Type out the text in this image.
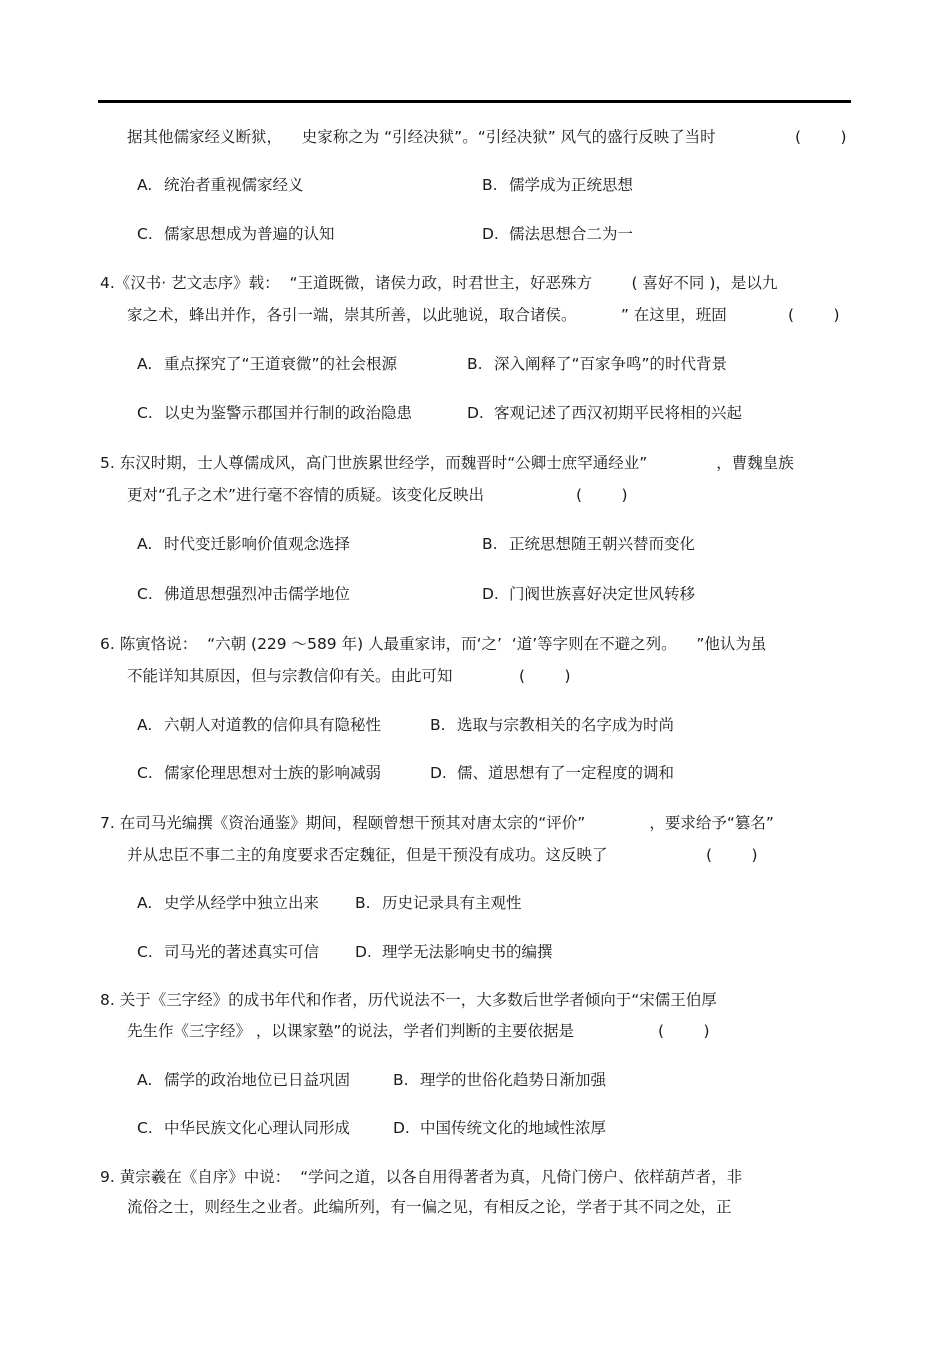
据其他儒家经义断狱，    史家称之为 “引经决狱”。“引经决狱” 风气的盛行反映了当时	(        )
A. 统治者重视儒家经义	B. 儒学成为正统思想
C. 儒家思想成为普遍的认知	D. 儒法思想合二为一
4.《汉书· 艺文志序》载：  “王道既微，诸侯力政，时君世主，好恶殊方        ( 喜好不同 )，是以九
家之术，蜂出并作，各引一端，崇其所善，以此驰说，取合诸侯。         ” 在这里，班固	(        )
A. 重点探究了“王道衰微”的社会根源	B. 深入阐释了“百家争鸣”的时代背景
C. 以史为鉴警示郡国并行制的政治隐患	D. 客观记述了西汉初期平民将相的兴起
5. 东汉时期，士人尊儒成风，高门世族累世经学，而魏晋时“公卿士庶罕通经业”              ，曹魏皇族
更对“孔子之术”进行毫不容情的质疑。该变化反映出	(        )
A. 时代变迁影响价值观念选择	B. 正统思想随王朝兴替而变化
C. 佛道思想强烈冲击儒学地位	D. 门阀世族喜好决定世风转移
6. 陈寅恪说：  “六朝 (229 ～589 年) 人最重家讳，而‘之’  ‘道’等字则在不避之列。    ”他认为虽
不能详知其原因，但与宗教信仰有关。由此可知	(        )
A. 六朝人对道教的信仰具有隐秘性	B. 选取与宗教相关的名字成为时尚
C. 儒家伦理思想对士族的影响减弱	D. 儒、道思想有了一定程度的调和
7. 在司马光编撰《资治通鉴》期间，程颐曾想干预其对唐太宗的“评价”             ，要求给予“篡名”
并从忠臣不事二主的角度要求否定魏征，但是干预没有成功。这反映了	(        )
A. 史学从经学中独立出来 B. 历史记录具有主观性
C. 司马光的著述真实可信 D. 理学无法影响史书的编撰
8. 关于《三字经》的成书年代和作者，历代说法不一，大多数后世学者倾向于“宋儒王伯厚
先生作《三字经》 ，以课家塾”的说法，学者们判断的主要依据是	(        )
A. 儒学的政治地位已日益巩固	B. 理学的世俗化趋势日渐加强
C. 中华民族文化心理认同形成	D. 中国传统文化的地域性浓厚
9. 黄宗羲在《自序》中说：  “学问之道，以各自用得著者为真，凡倚门傍户、依样葫芦者，非
流俗之士，则经生之业者。此编所列，有一偏之见，有相反之论，学者于其不同之处，正
